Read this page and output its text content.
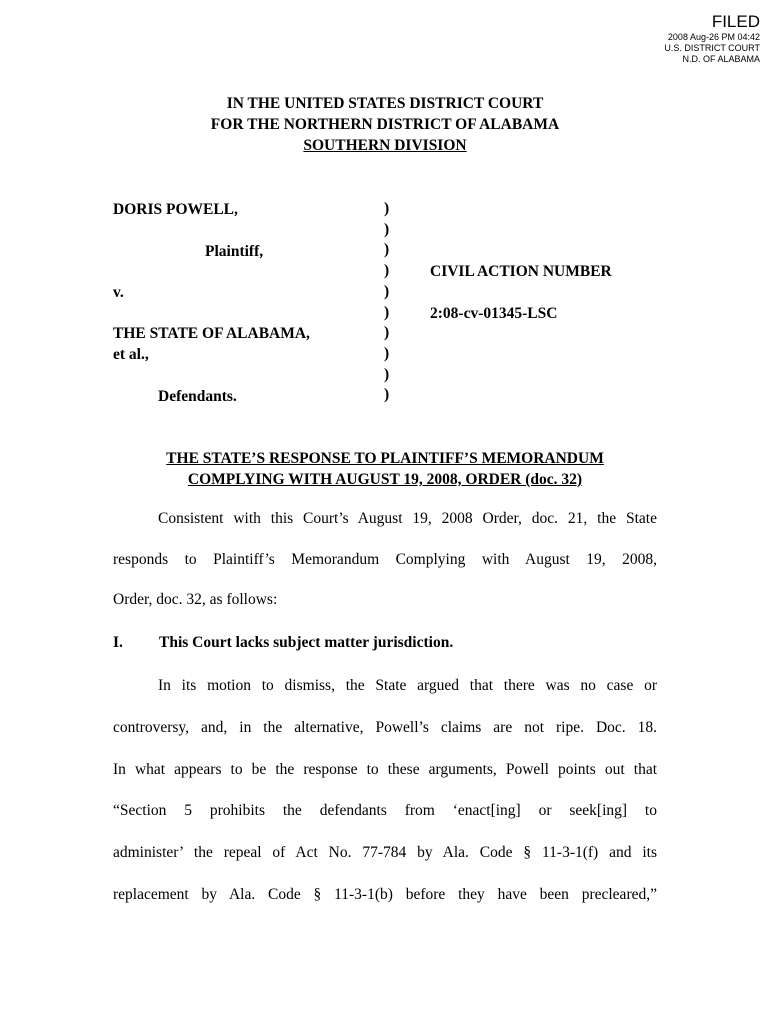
FILED
2008 Aug-26 PM 04:42
U.S. DISTRICT COURT
N.D. OF ALABAMA
IN THE UNITED STATES DISTRICT COURT
FOR THE NORTHERN DISTRICT OF ALABAMA
SOUTHERN DIVISION
DORIS POWELL,
Plaintiff,
v.
THE STATE OF ALABAMA,
et al.,
Defendants.
)
)
)
)
)
)
)
)
)
)
CIVIL ACTION NUMBER
2:08-cv-01345-LSC
THE STATE’S RESPONSE TO PLAINTIFF’S MEMORANDUM
COMPLYING WITH AUGUST 19, 2008, ORDER (doc. 32)
Consistent with this Court’s August 19, 2008 Order, doc. 21, the State
responds to Plaintiff’s Memorandum Complying with August 19, 2008,
Order, doc. 32, as follows:
I. This Court lacks subject matter jurisdiction.
In its motion to dismiss, the State argued that there was no case or
controversy, and, in the alternative, Powell’s claims are not ripe. Doc. 18.
In what appears to be the response to these arguments, Powell points out that
“Section 5 prohibits the defendants from ‘enact[ing] or seek[ing] to
administer’ the repeal of Act No. 77-784 by Ala. Code § 11-3-1(f) and its
replacement by Ala. Code § 11-3-1(b) before they have been precleared,”
